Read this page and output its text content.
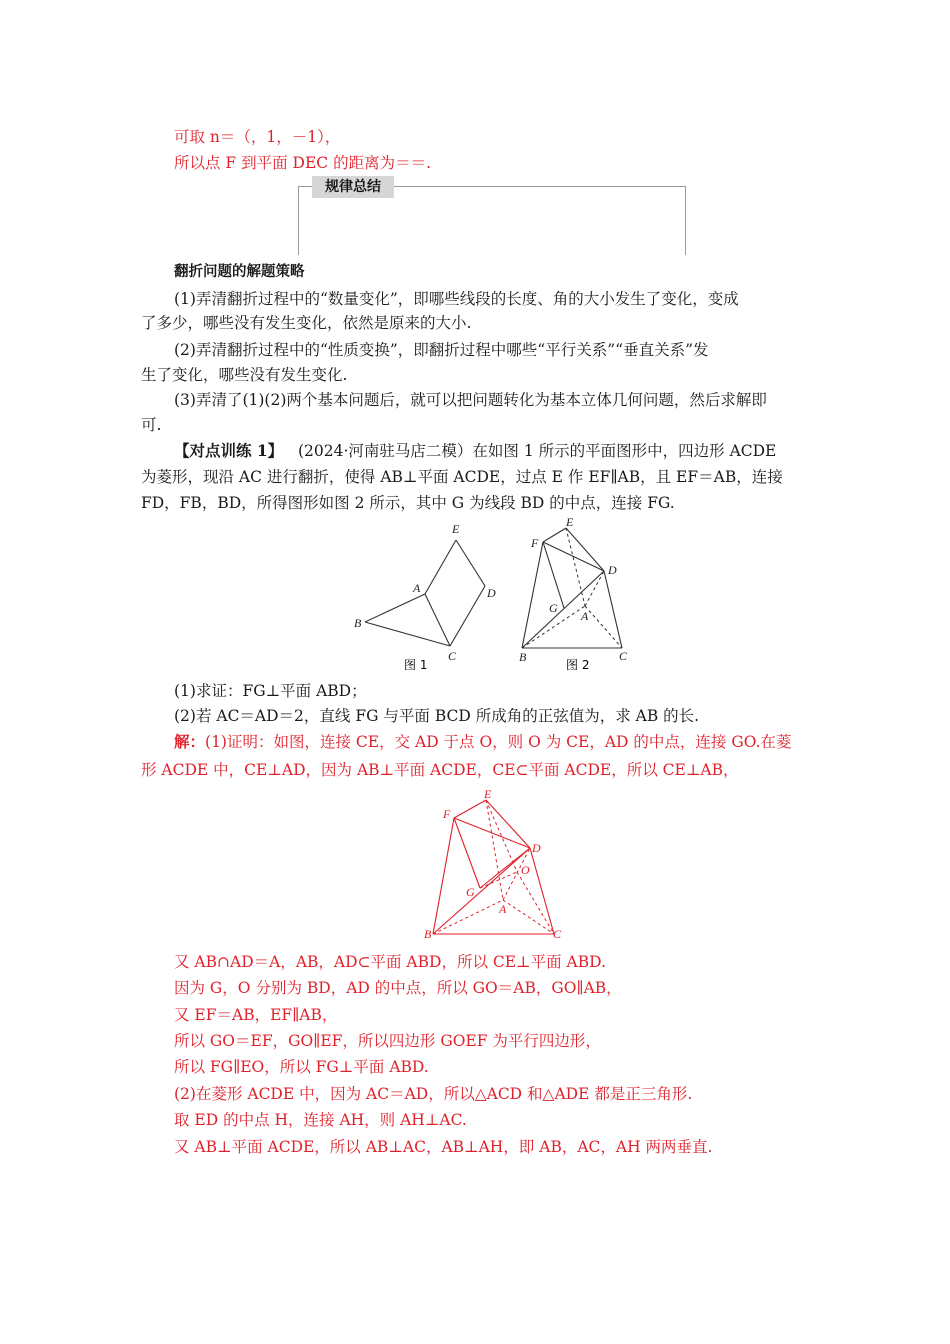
可取 n＝（，1，－1），
所以点 F 到平面 DEC 的距离为＝＝.
规律总结
翻折问题的解题策略
(1)弄清翻折过程中的“数量变化”，即哪些线段的长度、角的大小发生了变化，变成
了多少，哪些没有发生变化，依然是原来的大小.
(2)弄清翻折过程中的“性质变换”，即翻折过程中哪些“平行关系”“垂直关系”发
生了变化，哪些没有发生变化.
(3)弄清了(1)(2)两个基本问题后，就可以把问题转化为基本立体几何问题，然后求解即
可.
【对点训练 1】 (2024·河南驻马店二模）在如图 1 所示的平面图形中，四边形 ACDE
为菱形，现沿 AC 进行翻折，使得 AB⊥平面 ACDE，过点 E 作 EF∥AB，且 EF＝AB，连接
FD，FB，BD，所得图形如图 2 所示，其中 G 为线段 BD 的中点，连接 FG.
E
A	D
B
C
图 1
E
F
D
G
A
B	C
图 2
(1)求证：FG⊥平面 ABD；
(2)若 AC＝AD＝2，直线 FG 与平面 BCD 所成角的正弦值为，求 AB 的长.
解：(1)证明：如图，连接 CE，交 AD 于点 O，则 O 为 CE，AD 的中点，连接 GO.在菱
形 ACDE 中，CE⊥AD，因为 AB⊥平面 ACDE，CE⊂平面 ACDE，所以 CE⊥AB，
E
F
D
O
G
A
B	C
又 AB∩AD＝A，AB，AD⊂平面 ABD，所以 CE⊥平面 ABD.
因为 G，O 分别为 BD，AD 的中点，所以 GO＝AB，GO∥AB，
又 EF＝AB，EF∥AB，
所以 GO＝EF，GO∥EF，所以四边形 GOEF 为平行四边形，
所以 FG∥EO，所以 FG⊥平面 ABD.
(2)在菱形 ACDE 中，因为 AC＝AD，所以△ACD 和△ADE 都是正三角形.
取 ED 的中点 H，连接 AH，则 AH⊥AC.
又 AB⊥平面 ACDE，所以 AB⊥AC，AB⊥AH，即 AB，AC，AH 两两垂直.
